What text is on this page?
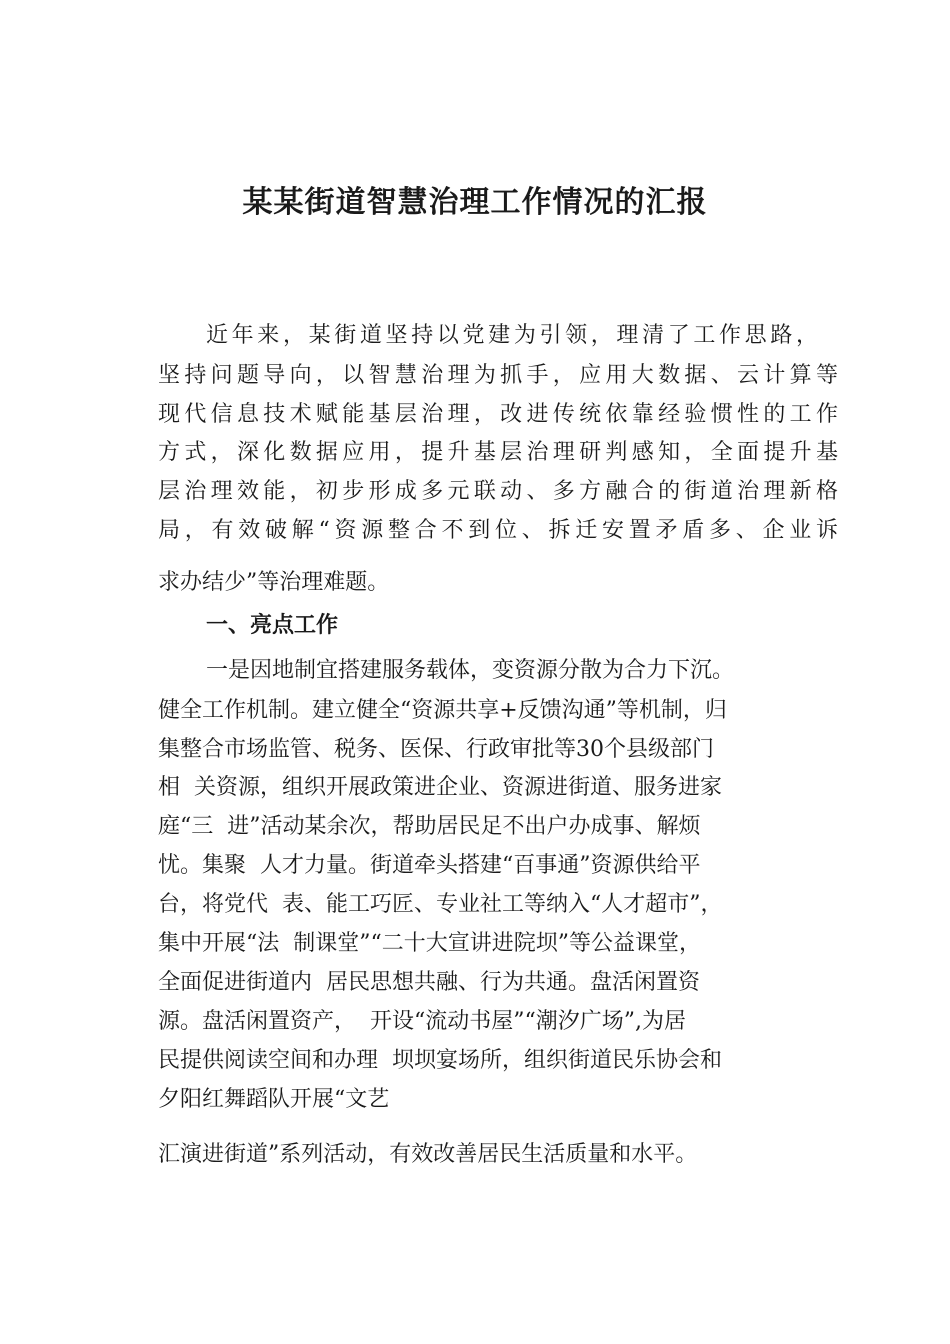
某某街道智慧治理工作情况的汇报

近年来，某街道坚持以党建为引领，理清了工作思路，

坚持问题导向，以智慧治理为抓手，应用大数据、云计算等

现代信息技术赋能基层治理，改进传统依靠经验惯性的工作

方式，深化数据应用，提升基层治理研判感知，全面提升基

层治理效能，初步形成多元联动、多方融合的街道治理新格

局，有效破解“资源整合不到位、拆迁安置矛盾多、企业诉

求办结少”等治理难题。

一、亮点工作

一是因地制宜搭建服务载体，变资源分散为合力下沉。

健全工作机制。建立健全“资源共享+反馈沟通”等机制，归

集整合市场监管、税务、医保、行政审批等30个县级部门

相  关资源，组织开展政策进企业、资源进街道、服务进家

庭“三  进”活动某余次，帮助居民足不出户办成事、解烦

忧。集聚  人才力量。街道牵头搭建“百事通”资源供给平

台，将党代  表、能工巧匠、专业社工等纳入“人才超市”，

集中开展“法  制课堂”“二十大宣讲进院坝”等公益课堂，

全面促进街道内  居民思想共融、行为共通。盘活闲置资

源。盘活闲置资产，  开设“流动书屋”“潮汐广场”,为居

民提供阅读空间和办理  坝坝宴场所，组织街道民乐协会和

夕阳红舞蹈队开展“文艺

汇演进街道”系列活动，有效改善居民生活质量和水平。
